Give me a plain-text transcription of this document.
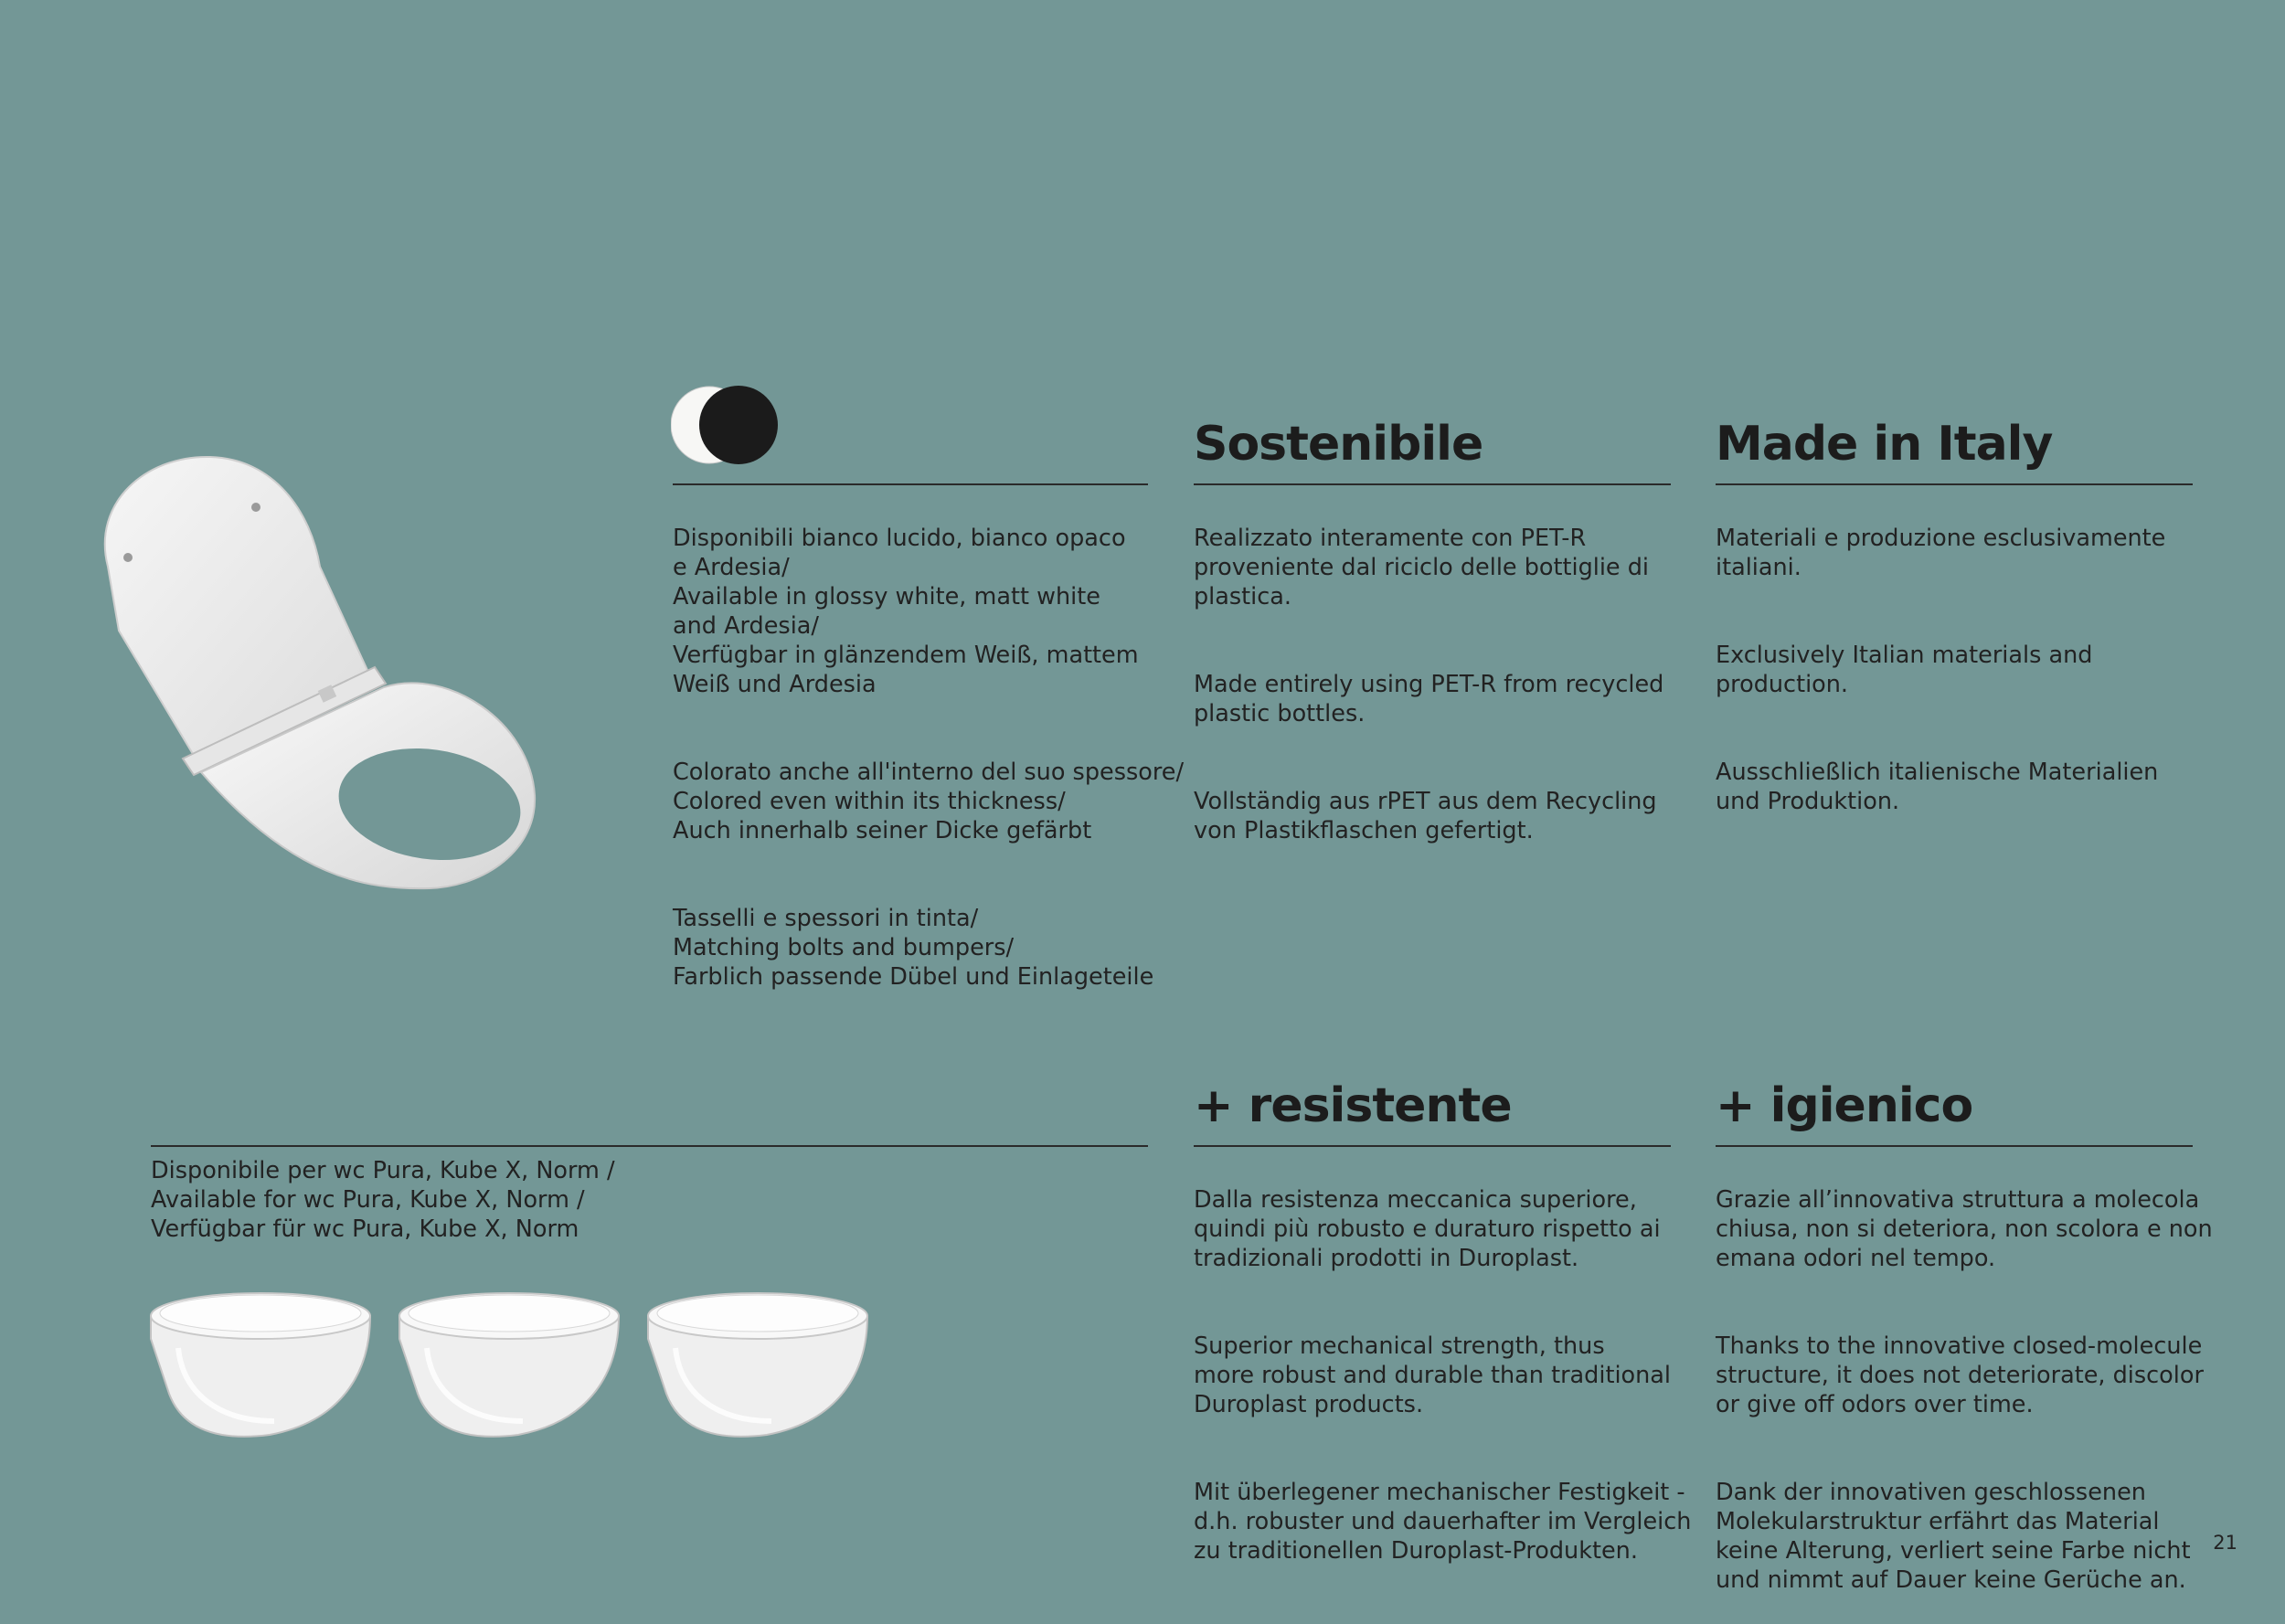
Disponibili bianco lucido, bianco opaco
e Ardesia/
Available in glossy white, matt white
and Ardesia/
Verfügbar in glänzendem Weiß, mattem
Weiß und Ardesia

Colorato anche all'interno del suo spessore/
Colored even within its thickness/
Auch innerhalb seiner Dicke gefärbt

Tasselli e spessori in tinta/
Matching bolts and bumpers/
Farblich passende Dübel und Einlageteile

Sostenibile

Realizzato interamente con PET-R
proveniente dal riciclo delle bottiglie di
plastica.

Made entirely using PET-R from recycled
plastic bottles.

Vollständig aus rPET aus dem Recycling
von Plastikflaschen gefertigt.

Made in Italy

Materiali e produzione esclusivamente
italiani.

Exclusively Italian materials and
production.

Ausschließlich italienische Materialien
und Produktion.

Disponibile per wc Pura, Kube X, Norm /
Available for wc Pura, Kube X, Norm /
Verfügbar für wc Pura, Kube X, Norm
+ resistente

Dalla resistenza meccanica superiore,
quindi più robusto e duraturo rispetto ai
tradizionali prodotti in Duroplast.

Superior mechanical strength, thus
more robust and durable than traditional
Duroplast products.

Mit überlegener mechanischer Festigkeit -
d.h. robuster und dauerhafter im Vergleich
zu traditionellen Duroplast-Produkten.

+ igienico

Grazie all’innovativa struttura a molecola
chiusa, non si deteriora, non scolora e non
emana odori nel tempo.

Thanks to the innovative closed-molecule
structure, it does not deteriorate, discolor
or give off odors over time.

Dank der innovativen geschlossenen
Molekularstruktur erfährt das Material
keine Alterung, verliert seine Farbe nicht
und nimmt auf Dauer keine Gerüche an.

21
